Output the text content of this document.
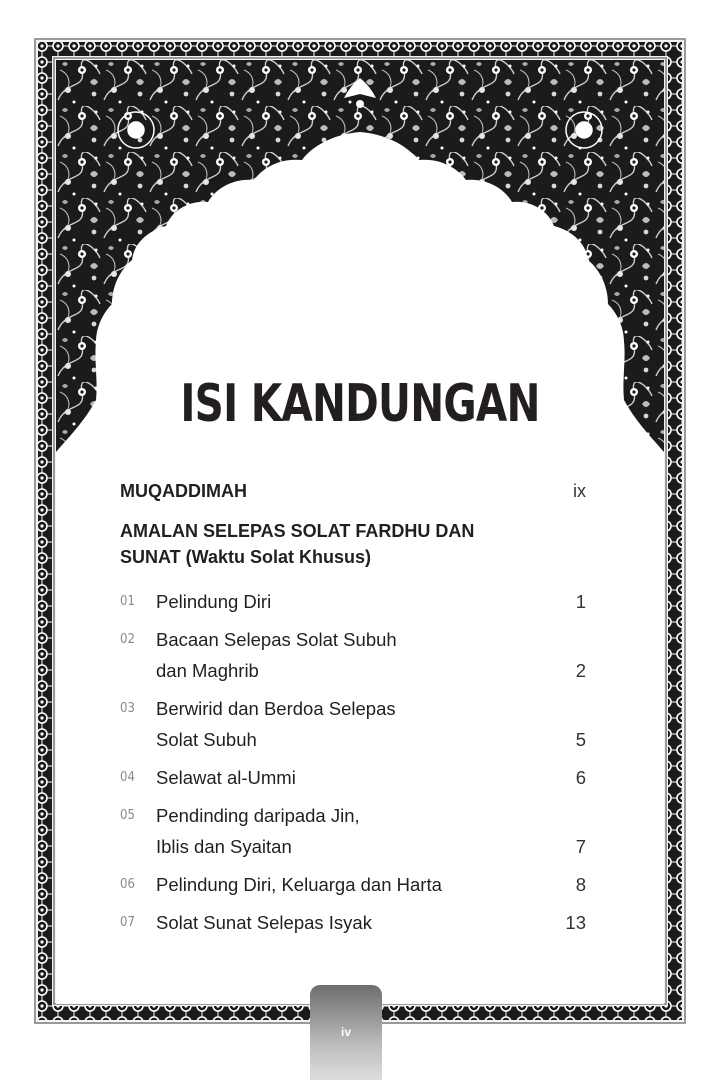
ISI KANDUNGAN
MUQADDIMAH	ix
AMALAN SELEPAS SOLAT FARDHU DAN SUNAT (Waktu Solat Khusus)
01	Pelindung Diri	1
02	Bacaan Selepas Solat Subuh
dan Maghrib	2
03	Berwirid dan Berdoa Selepas
Solat Subuh	5
04	Selawat al-Ummi	6
05	Pendinding daripada Jin,
Iblis dan Syaitan	7
06	Pelindung Diri, Keluarga dan Harta	8
07	Solat Sunat Selepas Isyak	13
iv
